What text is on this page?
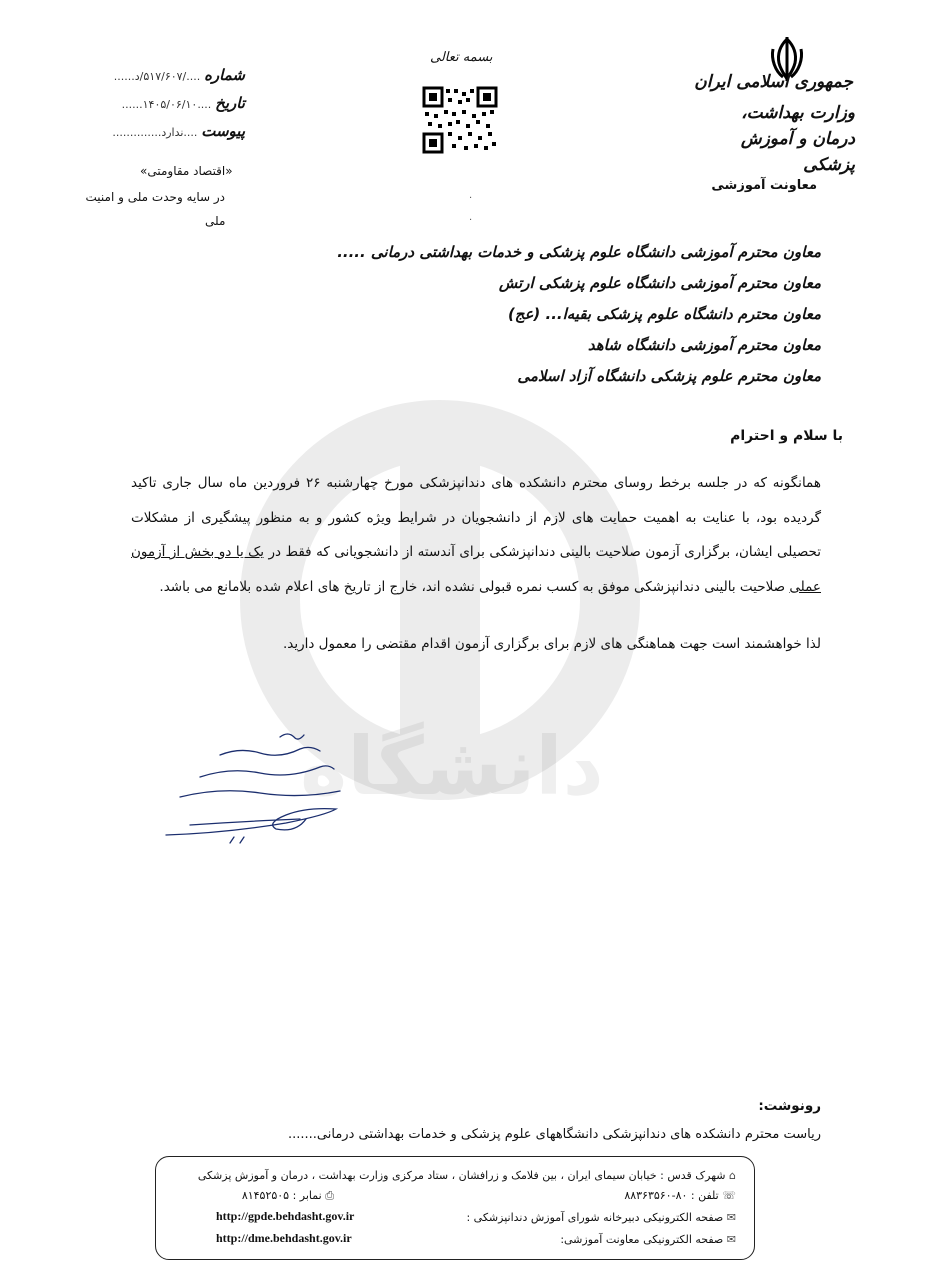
دانشگاه
جمهوری اسلامی ایران
وزارت بهداشت، درمان و آموزش پزشکی
معاونت آموزشی
بسمه تعالی
.
.
شماره ..../۵۱۷/۶۰۷/د......
تاریخ ....۱۴۰۵/۰۶/۱۰......
پیوست ....ندارد..............
«اقتصاد مقاومتی»
در سایه وحدت ملی و امنیت
ملی
معاون محترم آموزشی دانشگاه علوم پزشکی و خدمات بهداشتی درمانی .....
معاون محترم آموزشی دانشگاه علوم پزشکی ارتش
معاون محترم دانشگاه علوم پزشکی بقیه‌ا... (عج)
معاون محترم آموزشی دانشگاه شاهد
معاون محترم علوم پزشکی دانشگاه آزاد اسلامی
با سلام و احترام
همانگونه که در جلسه برخط روسای محترم دانشکده های دندانپزشکی مورخ چهارشنبه ۲۶ فروردین ماه سال جاری تاکید گردیده بود، با عنایت به اهمیت حمایت های لازم از دانشجویان در شرایط ویژه کشور و به منظور پیشگیری از مشکلات تحصیلی ایشان، برگزاری آزمون صلاحیت بالینی دندانپزشکی برای آندسته از دانشجویانی که فقط در یک یا دو بخش از آزمون عملی صلاحیت بالینی دندانپزشکی موفق به کسب نمره قبولی نشده اند، خارج از تاریخ های اعلام شده بلامانع می باشد.
لذا خواهشمند است جهت هماهنگی های لازم برای برگزاری آزمون اقدام مقتضی را معمول دارید.
رونوشت:
ریاست محترم دانشکده های دندانپزشکی دانشگاههای علوم پزشکی و خدمات بهداشتی درمانی.......
⌂ شهرک قدس : خیابان سیمای ایران ، بین فلامک و زرافشان ، ستاد مرکزی وزارت بهداشت ، درمان و آموزش پزشکی
☏ تلفن : ۸۰-۸۸۳۶۳۵۶۰
⎙ نمابر : ۸۱۴۵۲۵۰۵
✉ صفحه الکترونیکی دبیرخانه شورای آموزش دندانپزشکی :
http://gpde.behdasht.gov.ir
✉ صفحه الکترونیکی معاونت آموزشی:
http://dme.behdasht.gov.ir
